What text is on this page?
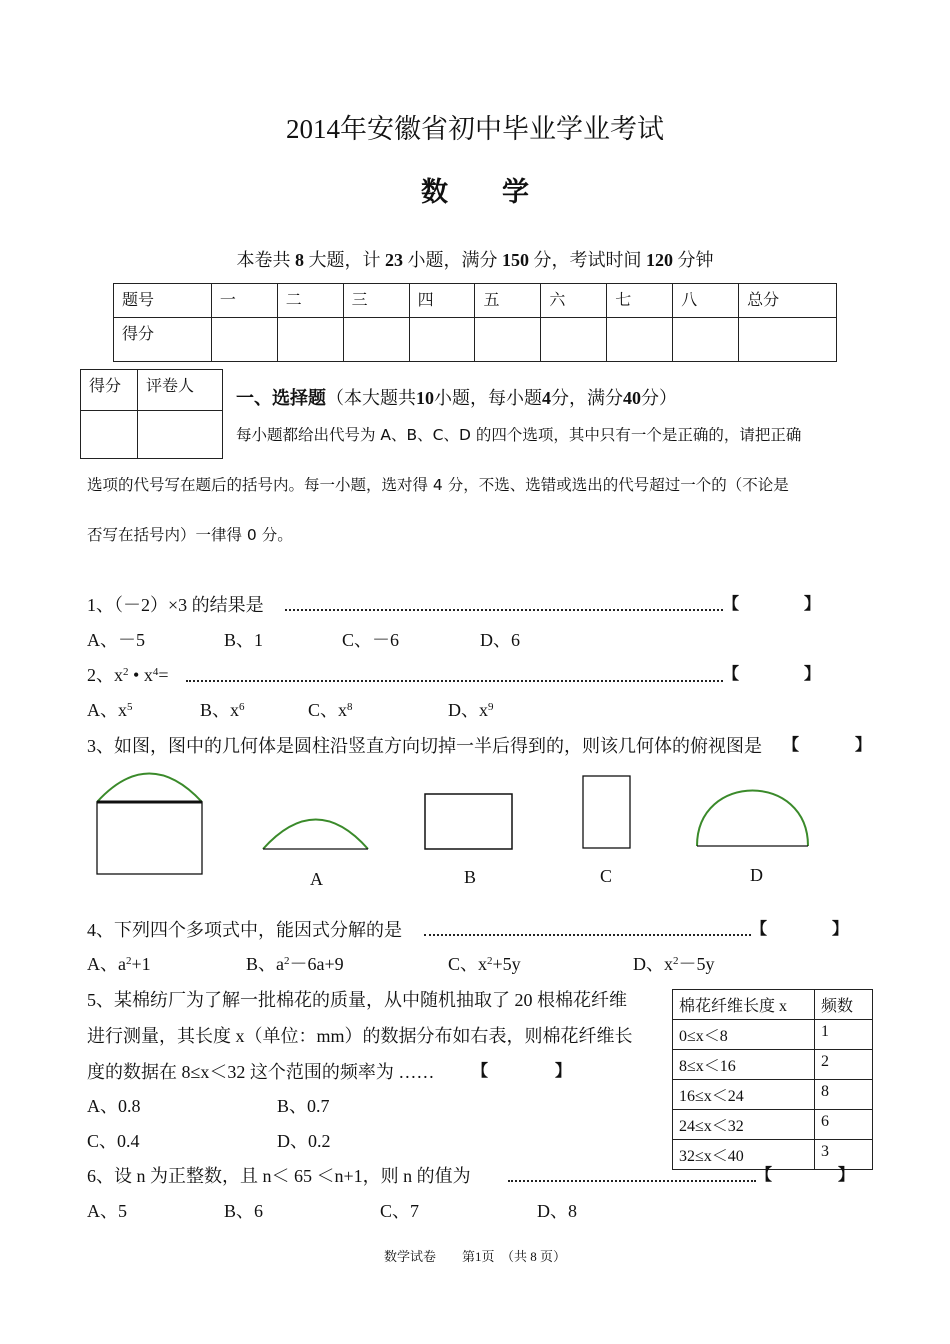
2014年安徽省初中毕业学业考试
数　　学
本卷共 8 大题，计 23 小题，满分 150 分，考试时间 120 分钟
题号	一	二	三	四	五	六	七	八	总分
得分									
得分	评卷人

一、选择题（本大题共10小题，每小题4分，满分40分）
每小题都给出代号为 A、B、C、D 的四个选项，其中只有一个是正确的，请把正确
选项的代号写在题后的括号内。每一小题，选对得 4 分，不选、选错或选出的代号超过一个的（不论是
否写在括号内）一律得 0 分。
1、（－2）×3 的结果是	【	】
A、－5	B、1	C、－6	D、6
2、$x^2$ • $x^4=$	【	】
A、$x^5$	B、$x^6$	C、$x^8$	D、$x^9$
3、如图，图中的几何体是圆柱沿竖直方向切掉一半后得到的，则该几何体的俯视图是 【	】
A	B	C	D
4、下列四个多项式中，能因式分解的是	【	】
A、$a^2+1$	B、$a^2-6a+9$	C、$x^2+5y$	D、$x^2-5y$
5、某棉纺厂为了解一批棉花的质量，从中随机抽取了 20 根棉花纤维
进行测量，其长度 x（单位：mm）的数据分布如右表，则棉花纤维长
度的数据在 8≤x＜32 这个范围的频率为 …… 【	】
A、0.8	B、0.7
C、0.4	D、0.2
棉花纤维长度 x	频数
0≤x＜8	1
8≤x＜16	2
16≤x＜24	8
24≤x＜32	6
32≤x＜40	3
6、设 n 为正整数，且 n＜ 65 ＜n+1，则 n 的值为	【	】
A、5	B、6	C、7	D、8
数学试卷 第1页 （共 8 页）
